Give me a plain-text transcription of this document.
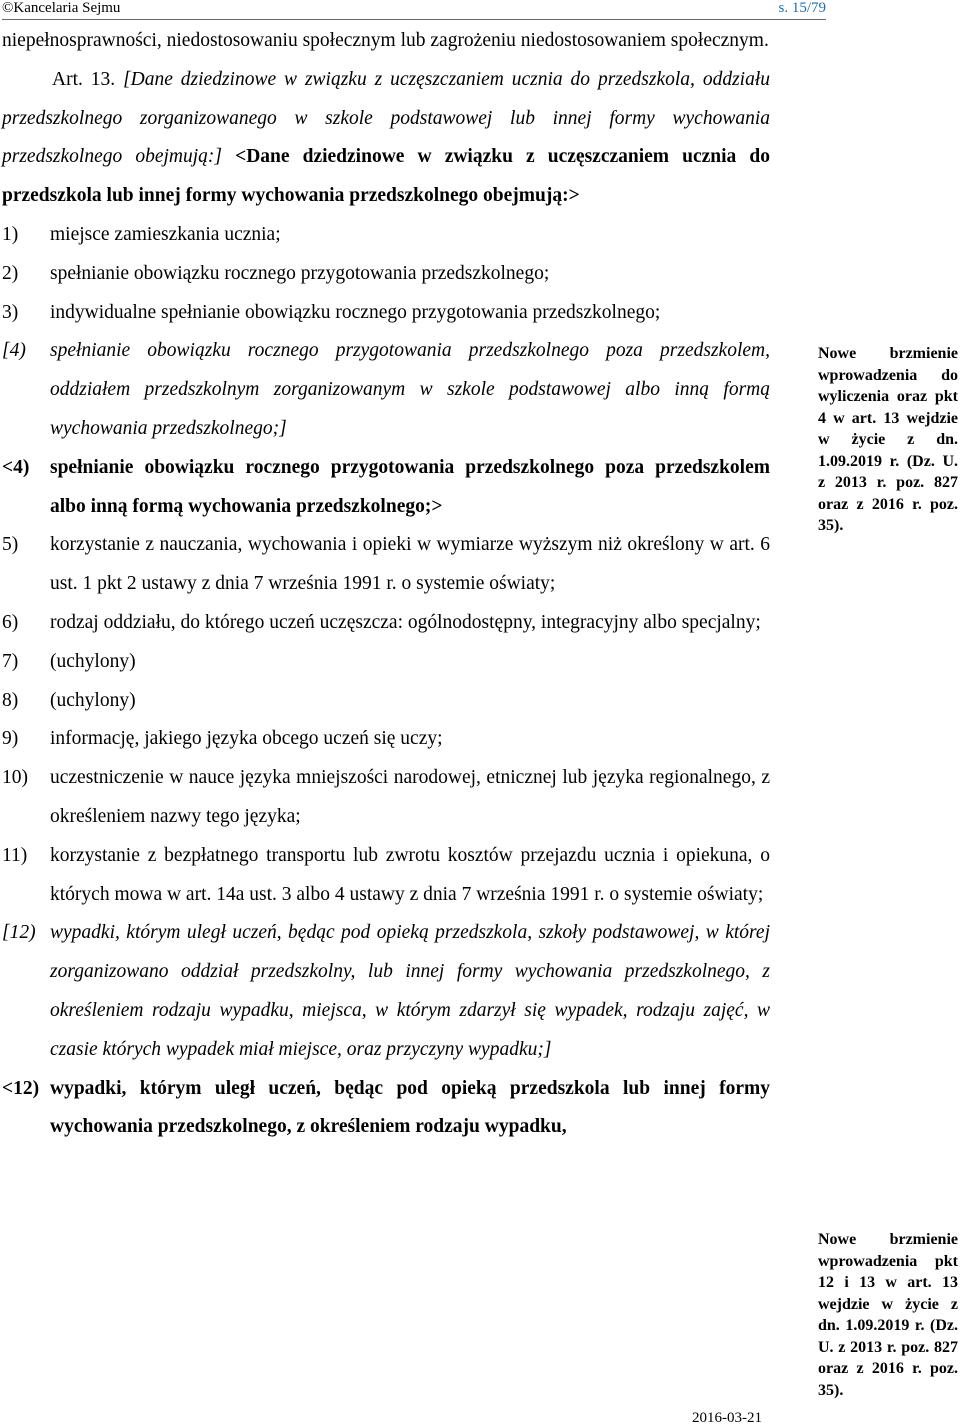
©Kancelaria Sejmu	s. 15/79

niepełnosprawności, niedostosowaniu społecznym lub zagrożeniu niedostosowaniem społecznym.

Art. 13. [Dane dziedzinowe w związku z uczęszczaniem ucznia do przedszkola, oddziału przedszkolnego zorganizowanego w szkole podstawowej lub innej formy wychowania przedszkolnego obejmują:] <Dane dziedzinowe w związku z uczęszczaniem ucznia do przedszkola lub innej formy wychowania przedszkolnego obejmują:>

1)	miejsce zamieszkania ucznia;
2)	spełnianie obowiązku rocznego przygotowania przedszkolnego;
3)	indywidualne spełnianie obowiązku rocznego przygotowania przedszkolnego;
[4)	spełnianie obowiązku rocznego przygotowania przedszkolnego poza przedszkolem, oddziałem przedszkolnym zorganizowanym w szkole podstawowej albo inną formą wychowania przedszkolnego;]
<4)	spełnianie obowiązku rocznego przygotowania przedszkolnego poza przedszkolem albo inną formą wychowania przedszkolnego;>
5)	korzystanie z nauczania, wychowania i opieki w wymiarze wyższym niż określony w art. 6 ust. 1 pkt 2 ustawy z dnia 7 września 1991 r. o systemie oświaty;
6)	rodzaj oddziału, do którego uczeń uczęszcza: ogólnodostępny, integracyjny albo specjalny;
7)	(uchylony)
8)	(uchylony)
9)	informację, jakiego języka obcego uczeń się uczy;
10)	uczestniczenie w nauce języka mniejszości narodowej, etnicznej lub języka regionalnego, z określeniem nazwy tego języka;
11)	korzystanie z bezpłatnego transportu lub zwrotu kosztów przejazdu ucznia i opiekuna, o których mowa w art. 14a ust. 3 albo 4 ustawy z dnia 7 września 1991 r. o systemie oświaty;
[12) wypadki, którym uległ uczeń, będąc pod opieką przedszkola, szkoły podstawowej, w której zorganizowano oddział przedszkolny, lub innej formy wychowania przedszkolnego, z określeniem rodzaju wypadku, miejsca, w którym zdarzył się wypadek, rodzaju zajęć, w czasie których wypadek miał miejsce, oraz przyczyny wypadku;]
<12) wypadki, którym uległ uczeń, będąc pod opieką przedszkola lub innej formy wychowania przedszkolnego, z określeniem rodzaju wypadku,
Nowe brzmienie wprowadzenia do wyliczenia oraz pkt 4 w art. 13 wejdzie w życie z dn. 1.09.2019 r. (Dz. U. z 2013 r. poz. 827 oraz z 2016 r. poz. 35).
Nowe brzmienie wprowadzenia pkt 12 i 13 w art. 13 wejdzie w życie z dn. 1.09.2019 r. (Dz. U. z 2013 r. poz. 827 oraz z 2016 r. poz. 35).
2016-03-21
